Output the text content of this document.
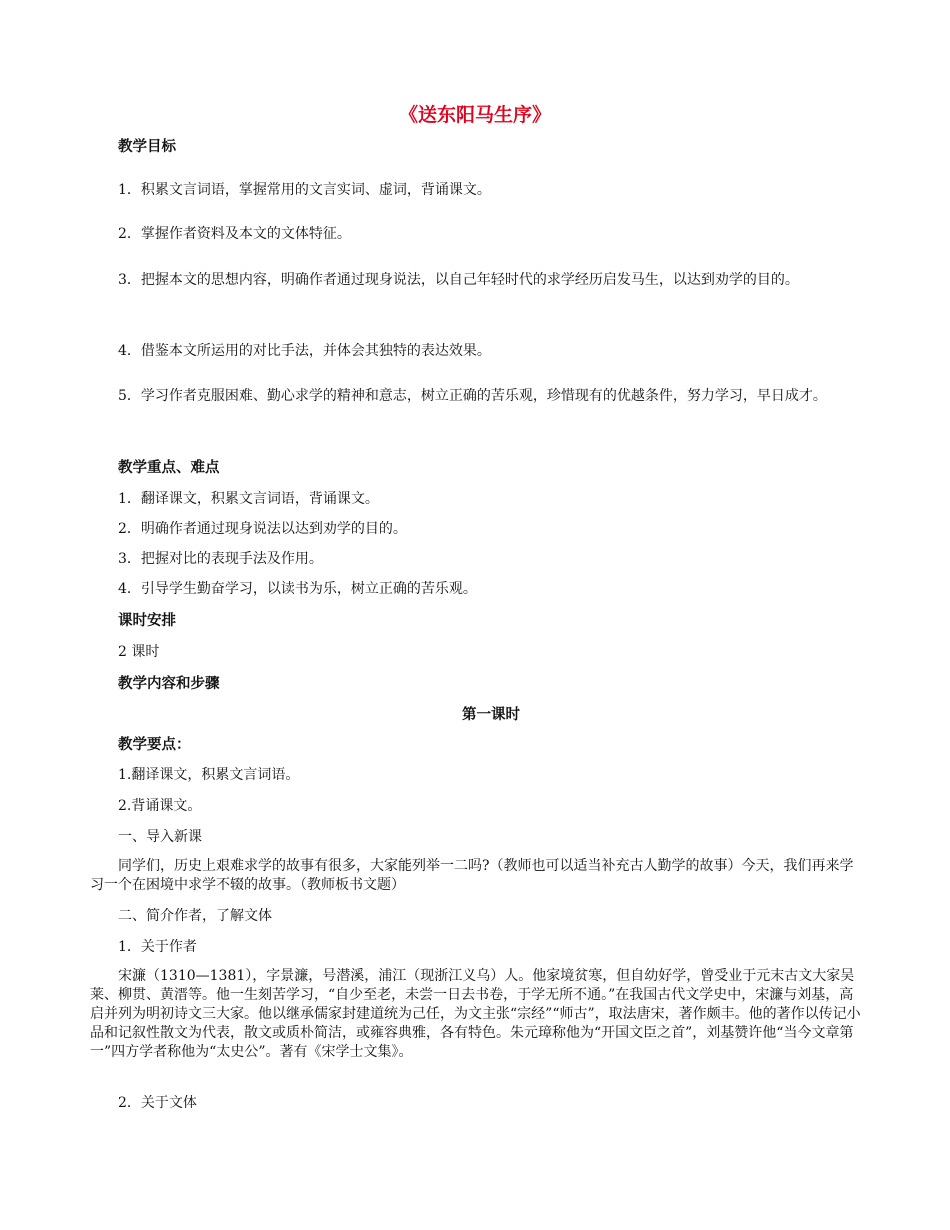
《送东阳马生序》
教学目标
1．积累文言词语，掌握常用的文言实词、虚词，背诵课文。
2．掌握作者资料及本文的文体特征。
3．把握本文的思想内容，明确作者通过现身说法，以自己年轻时代的求学经历启发马生，以达到劝学的目的。
4．借鉴本文所运用的对比手法，并体会其独特的表达效果。
5．学习作者克服困难、勤心求学的精神和意志，树立正确的苦乐观，珍惜现有的优越条件，努力学习，早日成才。
教学重点、难点
1．翻译课文，积累文言词语，背诵课文。
2．明确作者通过现身说法以达到劝学的目的。
3．把握对比的表现手法及作用。
4．引导学生勤奋学习，以读书为乐，树立正确的苦乐观。
课时安排
2 课时
教学内容和步骤
第一课时
教学要点：
1.翻译课文，积累文言词语。
2.背诵课文。
一、导入新课
同学们，历史上艰难求学的故事有很多，大家能列举一二吗?（教师也可以适当补充古人勤学的故事）今天，我们再来学习一个在困境中求学不辍的故事。（教师板书文题）
二、简介作者，了解文体
1．关于作者
宋濂（1310—1381），字景濂，号潜溪，浦江（现浙江义乌）人。他家境贫寒，但自幼好学，曾受业于元末古文大家吴莱、柳贯、黄溍等。他一生刻苦学习，“自少至老，未尝一日去书卷，于学无所不通。”在我国古代文学史中，宋濂与刘基，高启并列为明初诗文三大家。他以继承儒家封建道统为己任，为文主张“宗经”“师古”，取法唐宋，著作颇丰。他的著作以传记小品和记叙性散文为代表，散文或质朴简洁，或雍容典雅，各有特色。朱元璋称他为“开国文臣之首”，刘基赞许他“当今文章第一”四方学者称他为“太史公”。著有《宋学士文集》。
2．关于文体
